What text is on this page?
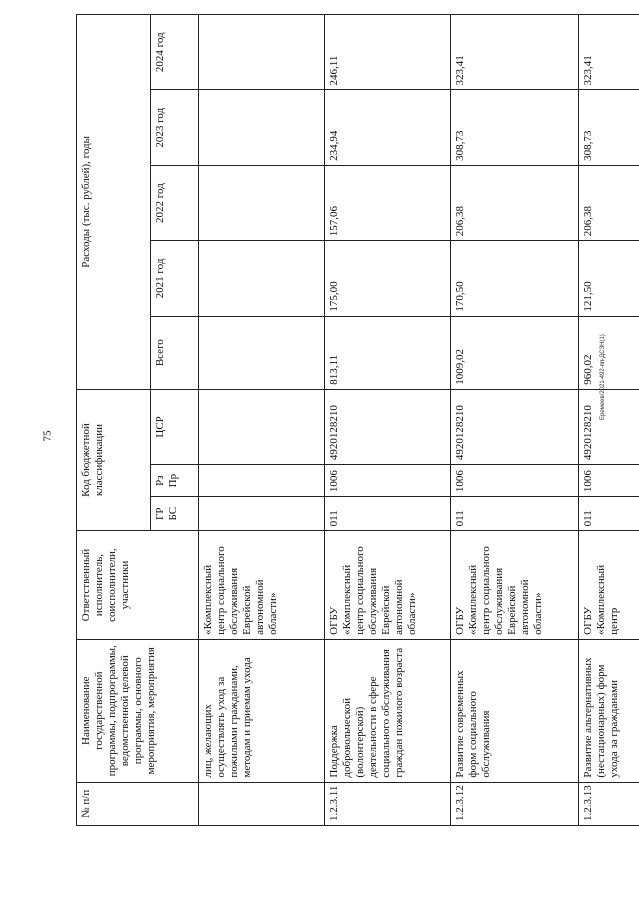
75
Еремеев/2021-492-пп-ДСЗН(1)
№ п/п	Наименование государственной программы, подпрограммы, ведомственной целевой программы, основного мероприятия, мероприятия	Ответственный исполнитель, соисполнители, участники	Код бюджетной классификации			Расходы (тыс. рублей), годы				
			ГР БС	Рз Пр	ЦСР	Всего	2021 год	2022 год	2023 год	2024 год
	лиц, желающих осуществлять уход за пожилыми гражданами, методам и приемам ухода	«Комплексный центр социального обслуживания Еврейской автономной области»								
1.2.3.11	Поддержка добровольческой (волонтерской) деятельности в сфере социального обслуживания граждан пожилого возраста	ОГБУ «Комплексный центр социального обслуживания Еврейской автономной области»	011	1006	4920128210	813,11	175,00	157,06	234,94	246,11
1.2.3.12	Развитие современных форм социального обслуживания	ОГБУ «Комплексный центр социального обслуживания Еврейской автономной области»	011	1006	4920128210	1009,02	170,50	206,38	308,73	323,41
1.2.3.13	Развитие альтернативных (нестационарных) форм ухода за гражданами	ОГБУ «Комплексный центр	011	1006	4920128210	960,02	121,50	206,38	308,73	323,41
